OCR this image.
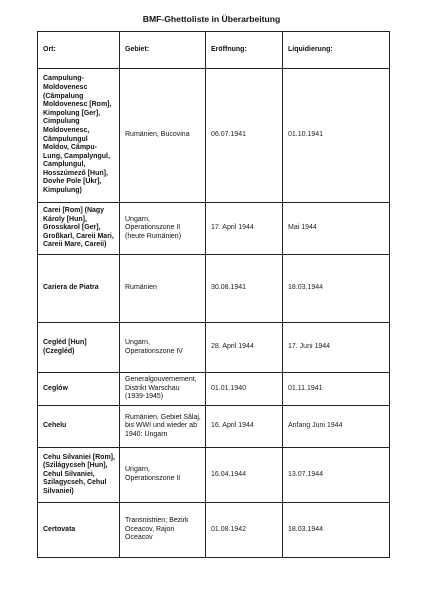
BMF-Ghettoliste in Überarbeitung
Ort:	Gebiet:	Eröffnung:	Liquidierung:
Campulung-Moldovenesc (Câmpalung Moldovenesc [Rom], Kimpolung [Ger], Cimpulung Moldovenesc, Câmpulungul Moldov, Câmpu-Lung, Campalyngul, Camplungul, Hosszúmező [Hun], Dovhe Pole [Ukr], Kimpulung)	Rumänien, Bucovina	06.07.1941	01.10.1941
Carei [Rom] (Nagy Károly [Hun], Grosskarol [Ger], Großkarl, Careii Mari, Careii Mare, Careii)	Ungarn, Operationszone II (heute Rumänien)	17. April 1944	Mai 1944
Cariera de Piatra	Rumänien	30.08.1941	18.03.1944
Cegléd [Hun] (Czegléd)	Ungarn, Operationszone IV	28. April 1944	17. Juni 1944
Ceglów	Generalgouvernement, Distrikt Warschau (1939-1945)	01.01.1940	01.11.1941
Cehelu	Rumänien, Gebiet Sălaj, bis WWI und wieder ab 1940: Ungarn	16. April 1944	Anfang Juni 1944
Cehu Silvaniei [Rom], (Szilágycseh [Hun], Cehul Silvaniei, Szilagycseh, Cehul Silvaniei)	Ungarn, Operationszone II	16.04.1944	13.07.1944
Certovata	Transnistrien; Bezirk Oceacov, Rajon Oceacov	01.08.1942	18.03.1944
